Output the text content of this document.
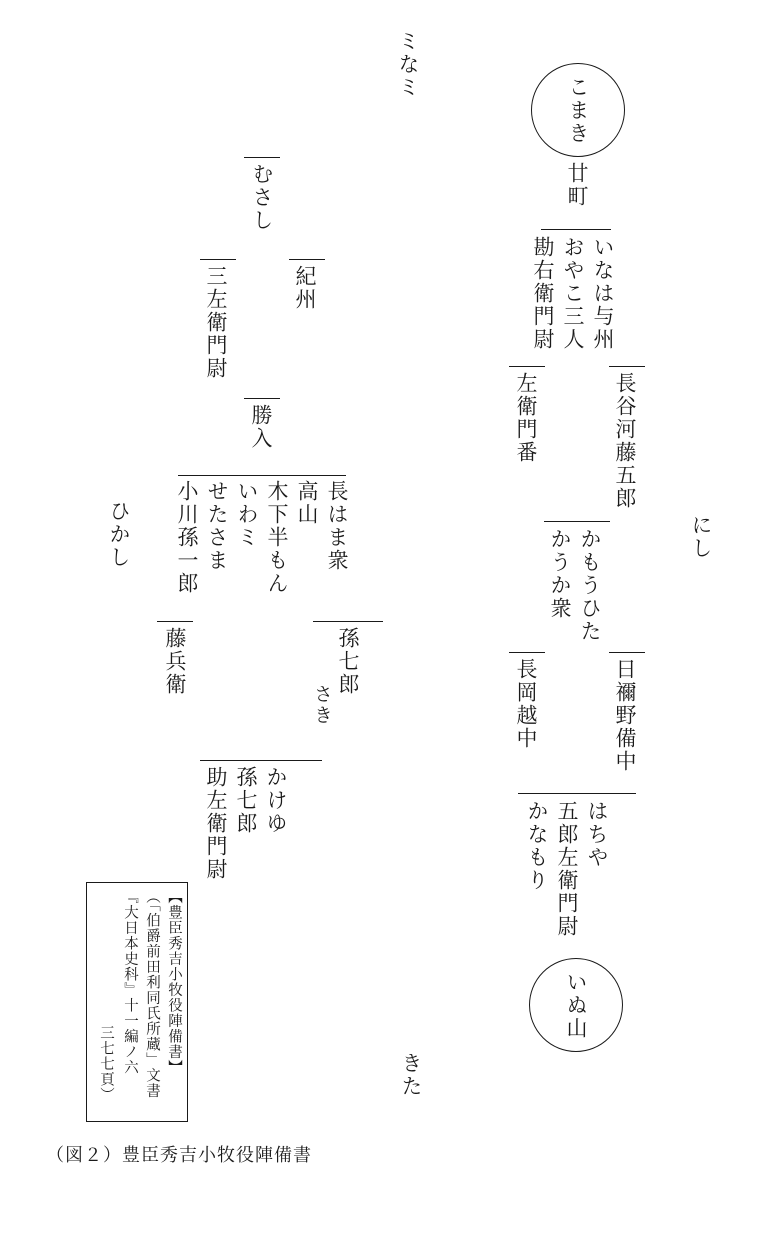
ミなミ
にし
ひかし
きた
こまき
いぬ山
廿町
いなは与州
おやこ三人
勘右衛門尉
長谷河藤五郎
左衛門番
かもうひた
かうか衆
日禰野備中
長岡越中
はちや
五郎左衛門尉
かなもり
むさし
紀州
三左衛門尉
勝入
長はま衆
高山
木下半もん
いわミ
せたさま
小川孫一郎
孫七郎
さき
藤兵衛
かけゆ
孫七郎
助左衛門尉
【豊臣秀吉小牧役陣備書】
（「伯爵前田利同氏所蔵」文書
『大日本史科』十一編ノ六
三七七頁）
（図２）豊臣秀吉小牧役陣備書
